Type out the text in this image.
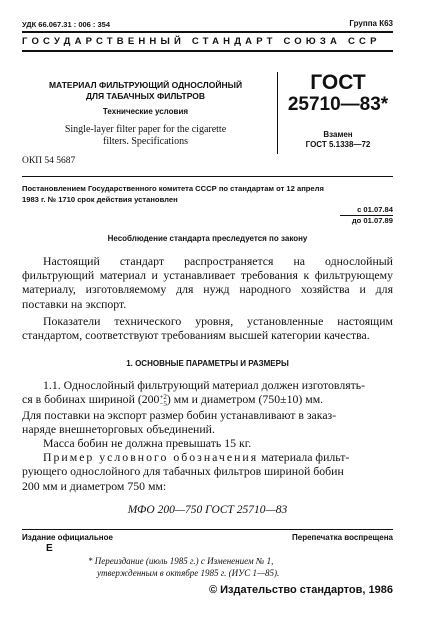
УДК 66.067.31 : 006 : 354	Группа К63
ГОСУДАРСТВЕННЫЙ СТАНДАРТ СОЮЗА ССР
МАТЕРИАЛ ФИЛЬТРУЮЩИЙ ОДНОСЛОЙНЫЙ
ДЛЯ ТАБАЧНЫХ ФИЛЬТРОВ
Технические условия
Single-layer filter paper for the cigarette
filters. Specifications
ОКП 54 5687
ГОСТ
25710—83*
Взамен
ГОСТ 5.1338—72
Постановлением Государственного комитета СССР по стандартам от 12 апреля
1983 г. № 1710 срок действия установлен
с 01.07.84
до 01.07.89
Несоблюдение стандарта преследуется по закону
Настоящий стандарт распространяется на однослойный фильтрующий материал и устанавливает требования к фильтрующему материалу, изготовляемому для нужд народного хозяйства и для поставки на экспорт.
Показатели технического уровня, установленные настоящим стандартом, соответствуют требованиям высшей категории качества.
1. ОСНОВНЫЕ ПАРАМЕТРЫ И РАЗМЕРЫ
1.1. Однослойный фильтрующий материал должен изготовлять-
ся в бобинах шириной (200 +2
−5 ) мм и диаметром (750±10) мм.
Для поставки на экспорт размер бобин устанавливают в заказ-
наряде внешнеторговых объединений.
Масса бобин не должна превышать 15 кг.
Пример условного обозначения материала фильт-
рующего однослойного для табачных фильтров шириной бобин
200 мм и диаметром 750 мм:
МФО 200—750 ГОСТ 25710—83
Издание официальное
Е
Перепечатка воспрещена
* Переиздание (июль 1985 г.) с Изменением № 1,
утвержденным в октябре 1985 г. (ИУС 1—85).
© Издательство стандартов, 1986
